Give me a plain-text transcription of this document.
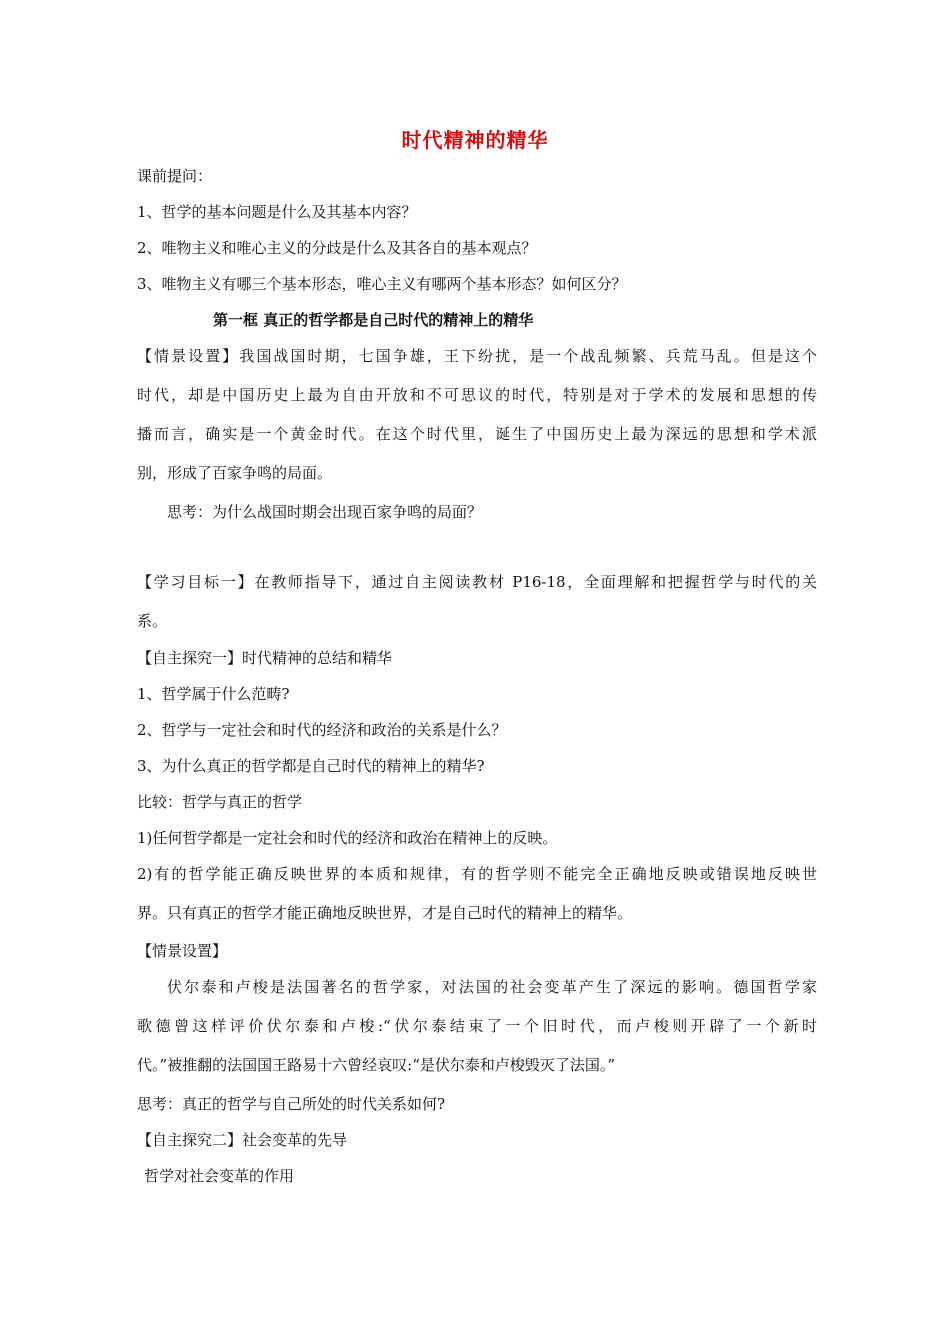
时代精神的精华
课前提问：
1、哲学的基本问题是什么及其基本内容？
2、唯物主义和唯心主义的分歧是什么及其各自的基本观点？
3、唯物主义有哪三个基本形态，唯心主义有哪两个基本形态？如何区分？
第一框 真正的哲学都是自己时代的精神上的精华
【情景设置】我国战国时期，七国争雄，王下纷扰，是一个战乱频繁、兵荒马乱。但是这个
时代，却是中国历史上最为自由开放和不可思议的时代，特别是对于学术的发展和思想的传
播而言，确实是一个黄金时代。在这个时代里，诞生了中国历史上最为深远的思想和学术派
别，形成了百家争鸣的局面。
思考：为什么战国时期会出现百家争鸣的局面？
【学习目标一】在教师指导下，通过自主阅读教材 P16-18，全面理解和把握哲学与时代的关
系。
【自主探究一】时代精神的总结和精华
1、哲学属于什么范畴?
2、哲学与一定社会和时代的经济和政治的关系是什么？
3、为什么真正的哲学都是自己时代的精神上的精华?
比较：哲学与真正的哲学
1)任何哲学都是一定社会和时代的经济和政治在精神上的反映。
2)有的哲学能正确反映世界的本质和规律，有的哲学则不能完全正确地反映或错误地反映世
界。只有真正的哲学才能正确地反映世界，才是自己时代的精神上的精华。
【情景设置】
伏尔泰和卢梭是法国著名的哲学家，对法国的社会变革产生了深远的影响。德国哲学家
歌德曾这样评价伏尔泰和卢梭:“伏尔泰结束了一个旧时代，而卢梭则开辟了一个新时
代。”被推翻的法国国王路易十六曾经哀叹:“是伏尔泰和卢梭毁灭了法国。”
思考：真正的哲学与自己所处的时代关系如何?
【自主探究二】社会变革的先导
哲学对社会变革的作用
